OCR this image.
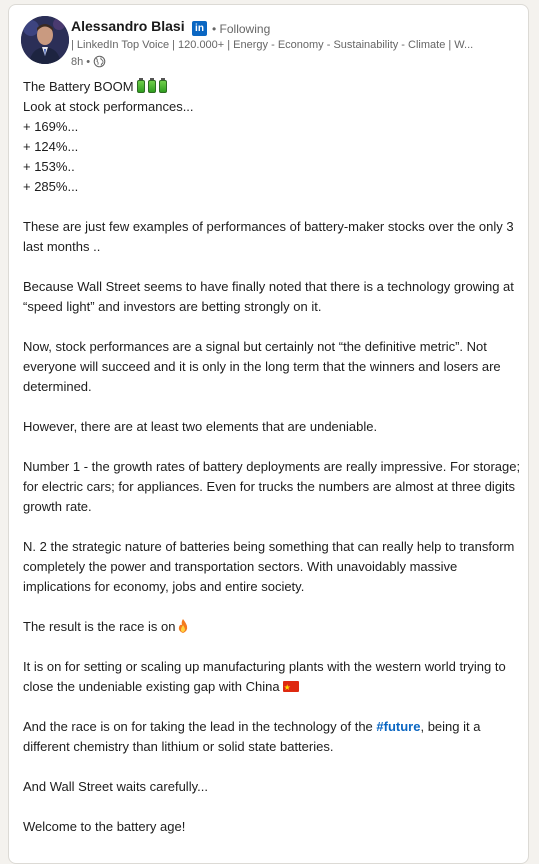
Alessandro Blasi	in • Following
| LinkedIn Top Voice | 120.000+ | Energy - Economy - Sustainability - Climate | W...
8h •

The Battery BOOM

Look at stock performances...

+ 169%...

+ 124%...

+ 153%..

+ 285%...

These are just few examples of performances of battery-maker stocks over the only 3 last months ..

Because Wall Street seems to have finally noted that there is a technology growing at “speed light” and investors are betting strongly on it.

Now, stock performances are a signal but certainly not “the definitive metric”. Not everyone will succeed and it is only in the long term that the winners and losers are determined.

However, there are at least two elements that are undeniable.

Number 1 - the growth rates of battery deployments are really impressive. For storage; for electric cars; for appliances. Even for trucks the numbers are almost at three digits growth rate.

N. 2 the strategic nature of batteries being something that can really help to transform completely the power and transportation sectors. With unavoidably massive implications for economy, jobs and entire society.

The result is the race is on

It is on for setting or scaling up manufacturing plants with the western world trying to close the undeniable existing gap with China★

And the race is on for taking the lead in the technology of the #future, being it a different chemistry than lithium or solid state batteries.

And Wall Street waits carefully...

Welcome to the battery age!
